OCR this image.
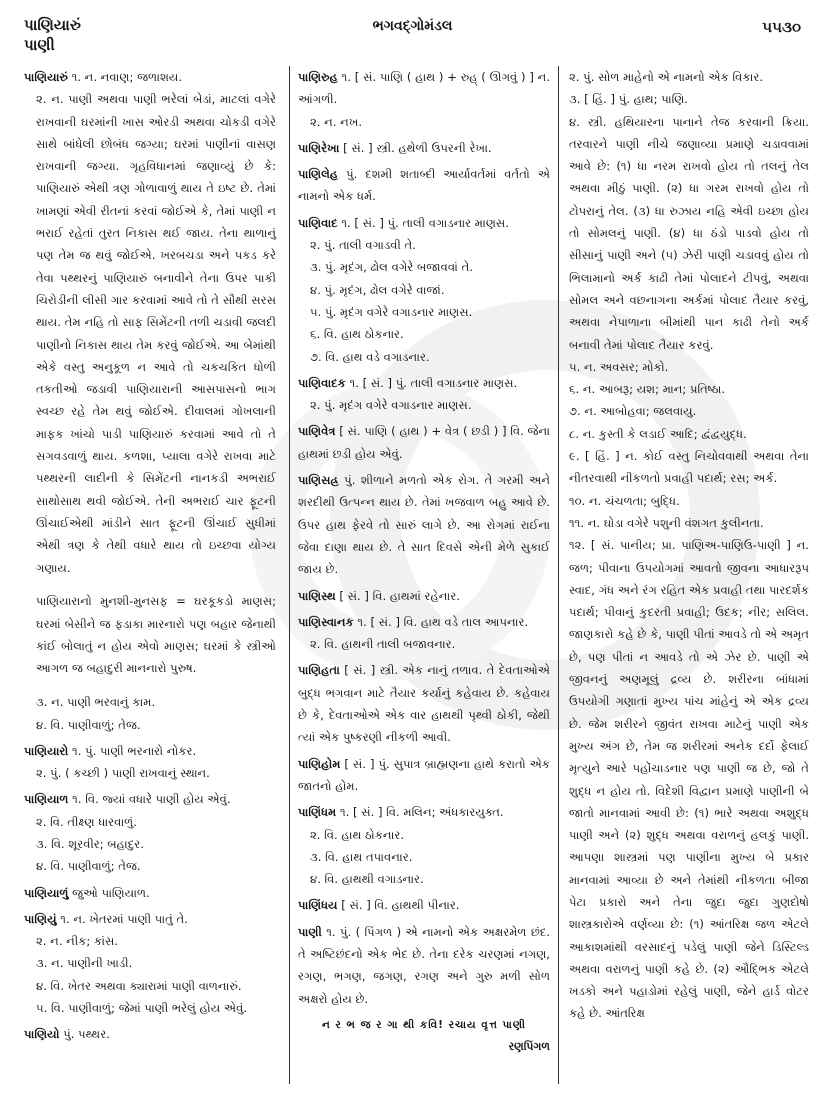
પાણિયારું
પાણી
ભગવદ્ગોમંડલ	૫૫૩૦

પાણિયારું ૧. ન. નવાણ; જળાશય.

૨. ન. પાણી અથવા પાણી ભરેલાં બેડાં, માટલાં વગેરે રાખવાની ઘરમાંની ખાસ ઓરડી અથવા ચોકડી વગેરે સાથે બાંધેલી છોબંધ જગ્યા; ઘરમાં પાણીનાં વાસણ રાખવાની જગ્યા. ગૃહવિધાનમાં જણાવ્યું છે કે: પાણિયારું એથી ત્રણ ગોળાવાળું થાય તે ઇષ્ટ છે. તેમાં ખામણાં એવી રીતનાં કરવાં જોઈએ કે, તેમાં પાણી ન ભરાઈ રહેતાં તુરત નિકાસ થઈ જાય. તેના થાળાનું પણ તેમ જ થવું જોઈએ. ખરબચડા અને પકડ કરે તેવા પથ્થરનું પાણિયારું બનાવીને તેના ઉપર પાકી ચિરોડીની લીસી ગાર કરવામાં આવે તો તે સૌથી સરસ થાય. તેમ નહિ તો સાફ સિમેંટની તળી ચડાવી જલદી પાણીનો નિકાસ થાય તેમ કરવું જોઈએ. આ બેમાંથી એકે વસ્તુ અનુકૂળ ન આવે તો ચકચકિત ધોળી તકતીઓ જડાવી પાણિયારાની આસપાસનો ભાગ સ્વચ્છ રહે તેમ થવું જોઈએ. દીવાલમાં ગોખલાની માફક ખાંચો પાડી પાણિયારું કરવામાં આવે તો તે સગવડવાળું થાય. કળશા, પ્યાલા વગેરે રાખવા માટે પથ્થરની લાદીની કે સિમેંટની નાનકડી અભરાઈ સાથોસાથ થવી જોઈએ. તેની અભરાઈ ચાર ફૂટની ઊંચાઈએથી માંડીને સાત ફૂટની ઊંચાઈ સુધીમાં એથી ત્રણ કે તેથી વધારે થાય તો ઇચ્છવા યોગ્ય ગણાય.

પાણિયારાનો મુનશી-મુનસફ = ઘરકૂકડો માણસ; ઘરમાં બેસીને જ ફડાકા મારનારો પણ બહાર જેનાથી કાંઈ બોલાતું ન હોય એવો માણસ; ઘરમાં કે સ્ત્રીઓ આગળ જ બહાદુરી માનનારો પુરુષ.

૩. ન. પાણી ભરવાનું કામ.

૪. વિ. પાણીવાળું; તેજ.

પાણિયારો ૧. પું. પાણી ભરનારો નોકર.

૨. પું. ( કચ્છી ) પાણી રાખવાનું સ્થાન.

પાણિયાળ ૧. વિ. જ્યાં વધારે પાણી હોય એવું.

૨. વિ. તીક્ષ્ણ ધારવાળું.

૩. વિ. શૂરવીર; બહાદુર.

૪. વિ. પાણીવાળું; તેજ.

પાણિયાળું જુઓ પાણિયાળ.

પાણિયું ૧. ન. ખેતરમાં પાણી પાતું તે.

૨. ન. નીક; કાંસ.

૩. ન. પાણીની ખાડી.

૪. વિ. ખેતર અથવા ક્યારામાં પાણી વાળનારું.

૫. વિ. પાણીવાળું; જેમાં પાણી ભરેલું હોય એવું.

પાણિયો પું. પથ્થર.

પાણિરુહ ૧. [ સં. પાણિ ( હાથ ) + રુહ્ ( ઊગવું ) ] ન. આંગળી.

૨. ન. નખ.

પાણિરેખા [ સં. ] સ્ત્રી. હથેળી ઉપરની રેખા.

પાણિલેહ પું. દશમી શતાબ્દી આર્યાવર્તમાં વર્તતો એ નામનો એક ધર્મ.

પાણિવાદ ૧. [ સં. ] પું. તાલી વગાડનાર માણસ.

૨. પું. તાલી વગાડવી તે.

૩. પું. મૃદંગ, ઢોલ વગેરે બજાવવાં તે.

૪. પું. મૃદંગ, ઢોલ વગેરે વાજાં.

૫. પું. મૃદંગ વગેરે વગાડનાર માણસ.

૬. વિ. હાથ ઠોકનાર.

૭. વિ. હાથ વડે વગાડનાર.

પાણિવાદક ૧. [ સં. ] પું. તાલી વગાડનાર માણસ.

૨. પું. મૃદંગ વગેરે વગાડનાર માણસ.

પાણિવેત્ર [ સં. પાણિ ( હાથ ) + વેત્ર ( છડી ) ] વિ. જેના હાથમાં છડી હોય એવું.

પાણિસહ્ર પું. શીળાને મળતો એક રોગ. તે ગરમી અને શરદીથી ઉત્પન્ન થાય છે. તેમાં ખજવાળ બહુ આવે છે. ઉપર હાથ ફેરવે તો સારું લાગે છે. આ રોગમાં રાઈના જેવા દાણા થાય છે. તે સાત દિવસે એની મેળે સુકાઈ જાય છે.

પાણિસ્થ [ સં. ] વિ. હાથમાં રહેનાર.

પાણિસ્વાનક ૧. [ સં. ] વિ. હાથ વડે તાલ આપનાર.

૨. વિ. હાથની તાલી બજાવનાર.

પાણિહતા [ સં. ] સ્ત્રી. એક નાનું તળાવ. તે દેવતાઓએ બુદ્ધ ભગવાન માટે તૈયાર કર્યાનું કહેવાય છે. કહેવાય છે કે, દેવતાઓએ એક વાર હાથથી પૃથ્વી ઠોકી, જેથી ત્યાં એક પુષ્કરણી નીકળી આવી.

પાણિહોમ [ સં. ] પું. સુપાત્ર બ્રાહ્મણના હાથે કરાતો એક જાતનો હોમ.

પાણિંધમ ૧. [ સં. ] વિ. મલિન; અંધકારયુક્ત.

૨. વિ. હાથ ઠોકનાર.

૩. વિ. હાથ તપાવનાર.

૪. વિ. હાથથી વગાડનાર.

પાણિંધય [ સં. ] વિ. હાથથી પીનાર.

પાણી ૧. પું. ( પિંગળ ) એ નામનો એક અક્ષરમેળ છંદ. તે અષ્ટિછંદનો એક ભેદ છે. તેના દરેક ચરણમાં નગણ, રગણ, ભગણ, જગણ, રગણ અને ગુરુ મળી સોળ અક્ષરો હોય છે.

ન ર ભ જ ર ગા થી કવિ! રચાય વૃત્ત પાણી
રણપિંગળ

૨. પું. સોળ માહેનો એ નામનો એક વિકાર.

૩. [ હિં. ] પું. હાથ; પાણિ.

૪. સ્ત્રી. હથિયારના પાનાને તેજ કરવાની ક્રિયા. તરવારને પાણી નીચે જણાવ્યા પ્રમાણે ચડાવવામાં આવે છે: (૧) ધા નરમ રાખવો હોય તો તલનું તેલ અથવા મીઠું પાણી. (૨) ધા ગરમ રાખવો હોય તો ટોપરાનું તેલ. (૩) ધા રુઝાય નહિ એવી ઇચ્છા હોય તો સોમલનું પાણી. (૪) ધા ઠંડો પાડવો હોય તો સીસાનું પાણી અને (૫) ઝેરી પાણી ચડાવવું હોય તો ભિલામાનો અર્ક કાઢી તેમાં પોલાદને ટીપવું, અથવા સોમલ અને વછનાગના અર્કમાં પોલાદ તૈયાર કરવું, અથવા નેપાળાના બીમાંથી પાન કાઢી તેનો અર્ક બનાવી તેમાં પોલાદ તૈયાર કરવું.

૫. ન. અવસર; મોકો.

૬. ન. આબરૂ; યશ; માન; પ્રતિષ્ઠા.

૭. ન. આબોહવા; જલવાયુ.

૮. ન. કુસ્તી કે લડાઈ આદિ; દ્વંદ્વયુદ્ધ.

૯. [ હિં. ] ન. કોઈ વસ્તુ નિચોવવાથી અથવા તેના નીતરવાથી નીકળતો પ્રવાહી પદાર્થ; રસ; અર્ક.

૧૦. ન. ચંચળતા; બુદ્ધિ.

૧૧. ન. ઘોડા વગેરે પશુની વંશગત કુલીનતા.

૧૨. [ સં. પાનીય; પ્રા. પાણિઅ-પાણિઉ-પાણી ] ન. જળ; પીવાના ઉપયોગમાં આવતો જીવના આધારરૂપ સ્વાદ, ગંધ અને રંગ રહિત એક પ્રવાહી તથા પારદર્શક પદાર્થ; પીવાનું કુદરતી પ્રવાહી; ઉદક; નીર; સલિલ. જાણકારો કહે છે કે, પાણી પીતાં આવડે તો એ અમૃત છે, પણ પીતાં ન આવડે તો એ ઝેર છે. પાણી એ જીવનનું અણમૂલું દ્રવ્ય છે. શરીરના બાંધામાં ઉપયોગી ગણાતાં મુખ્ય પાંચ માંહેનું એ એક દ્રવ્ય છે. જેમ શરીરને જીવંત રાખવા માટેનું પાણી એક મુખ્ય અંગ છે, તેમ જ શરીરમાં અનેક દર્દો ફેલાઈ મૃત્યુને આરે પહોંચાડનાર પણ પાણી જ છે, જો તે શુદ્ધ ન હોય તો. વિદેશી વિદ્વાન પ્રમાણે પાણીની બે જાતો માનવામાં આવી છે: (૧) ભારે અથવા અશુદ્ધ પાણી અને (૨) શુદ્ધ અથવા વરાળનું હલકું પાણી. આપણા શાસ્ત્રમાં પણ પાણીના મુખ્ય બે પ્રકાર માનવામાં આવ્યા છે અને તેમાંથી નીકળતા બીજા પેટા પ્રકારો અને તેના જુદા જુદા ગુણદોષો શાસ્ત્રકારોએ વર્ણવ્યા છે: (૧) આંતરિક્ષ જળ એટલે આકાશમાંથી વરસાદનું પડેલું પાણી જેને ડિસ્ટિલ્ડ અથવા વરાળનું પાણી કહે છે. (૨) ઔદ્ભિક એટલે ખડકો અને પહાડોમાં રહેલું પાણી, જેને હાર્ડ વોટર કહે છે. આંતરિક્ષ
